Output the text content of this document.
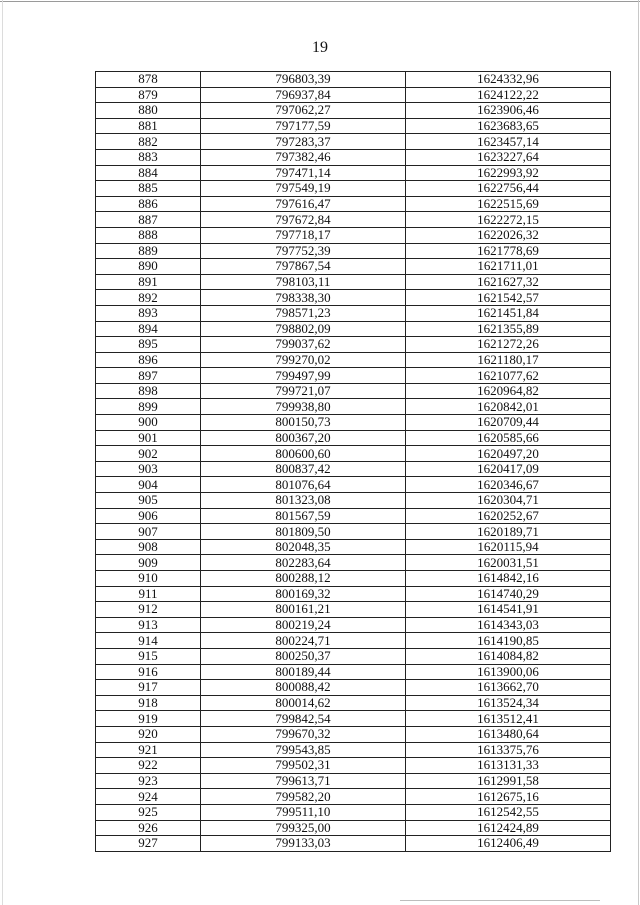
19
878	796803,39	1624332,96
879	796937,84	1624122,22
880	797062,27	1623906,46
881	797177,59	1623683,65
882	797283,37	1623457,14
883	797382,46	1623227,64
884	797471,14	1622993,92
885	797549,19	1622756,44
886	797616,47	1622515,69
887	797672,84	1622272,15
888	797718,17	1622026,32
889	797752,39	1621778,69
890	797867,54	1621711,01
891	798103,11	1621627,32
892	798338,30	1621542,57
893	798571,23	1621451,84
894	798802,09	1621355,89
895	799037,62	1621272,26
896	799270,02	1621180,17
897	799497,99	1621077,62
898	799721,07	1620964,82
899	799938,80	1620842,01
900	800150,73	1620709,44
901	800367,20	1620585,66
902	800600,60	1620497,20
903	800837,42	1620417,09
904	801076,64	1620346,67
905	801323,08	1620304,71
906	801567,59	1620252,67
907	801809,50	1620189,71
908	802048,35	1620115,94
909	802283,64	1620031,51
910	800288,12	1614842,16
911	800169,32	1614740,29
912	800161,21	1614541,91
913	800219,24	1614343,03
914	800224,71	1614190,85
915	800250,37	1614084,82
916	800189,44	1613900,06
917	800088,42	1613662,70
918	800014,62	1613524,34
919	799842,54	1613512,41
920	799670,32	1613480,64
921	799543,85	1613375,76
922	799502,31	1613131,33
923	799613,71	1612991,58
924	799582,20	1612675,16
925	799511,10	1612542,55
926	799325,00	1612424,89
927	799133,03	1612406,49
